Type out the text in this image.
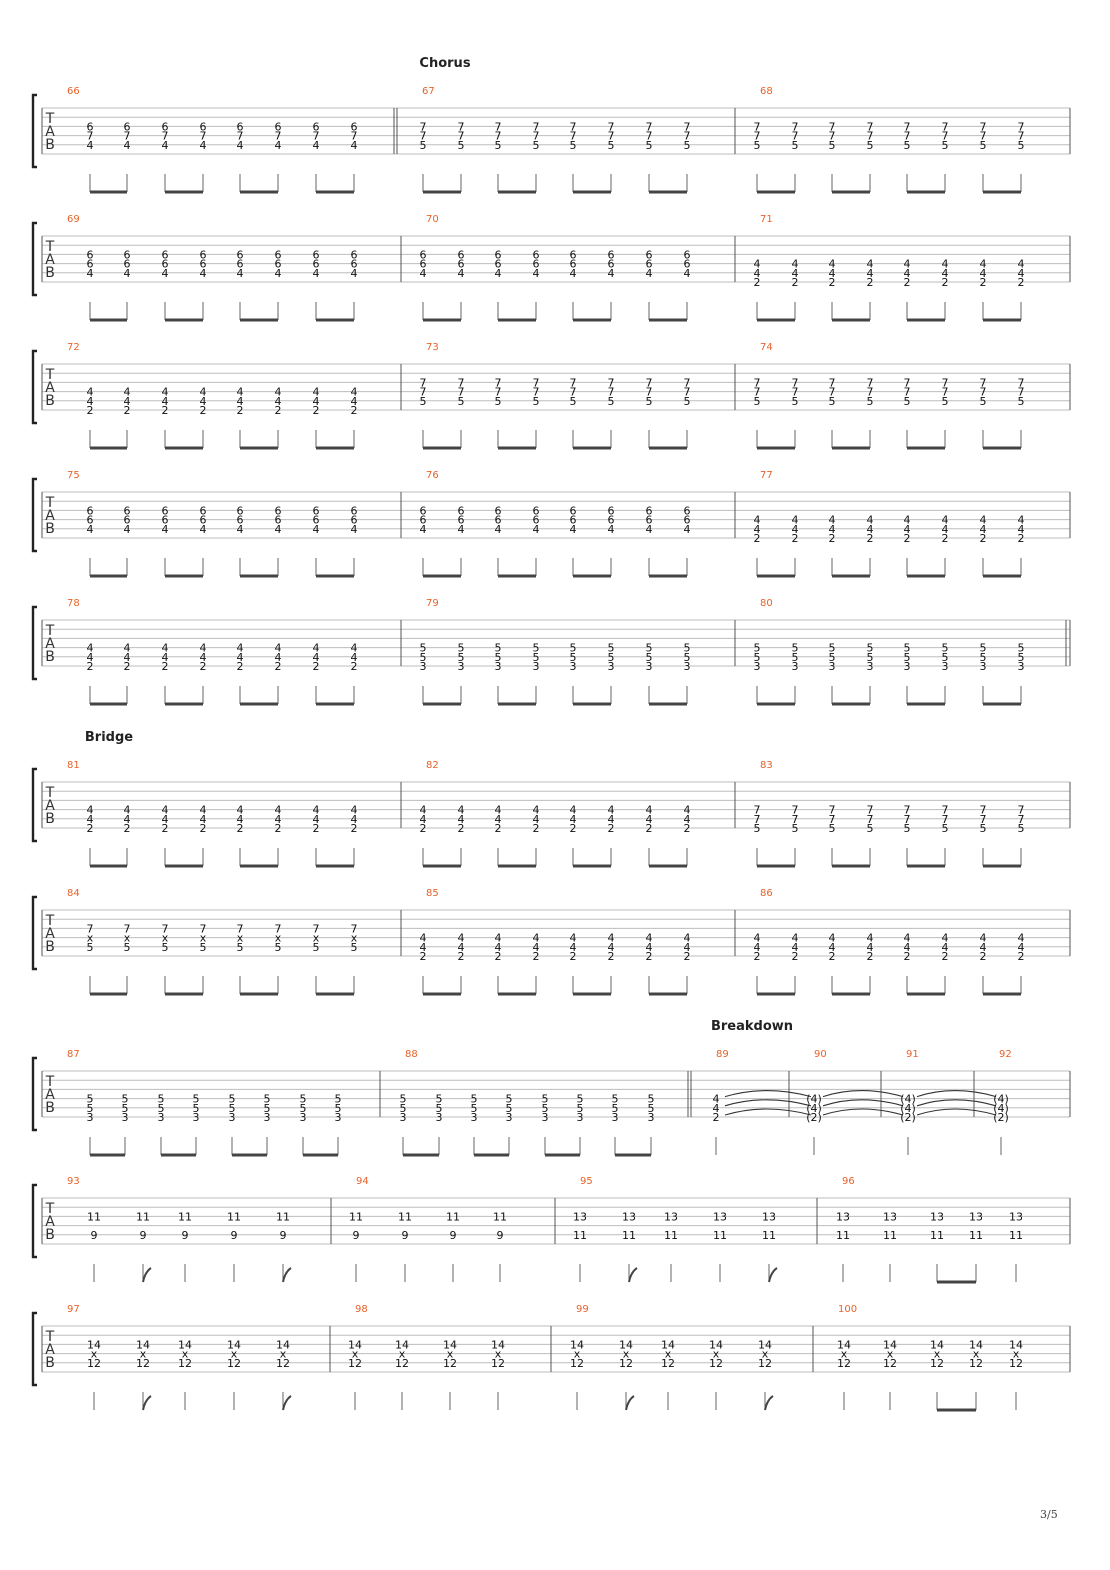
Chorus
T
A
B
66
6
7
4
6
7
4
6
7
4
6
7
4
6
7
4
6
7
4
6
7
4
6
7
4
67
7
7
5
7
7
5
7
7
5
7
7
5
7
7
5
7
7
5
7
7
5
7
7
5
68
7
7
5
7
7
5
7
7
5
7
7
5
7
7
5
7
7
5
7
7
5
7
7
5
T
A
B
69
6
6
4
6
6
4
6
6
4
6
6
4
6
6
4
6
6
4
6
6
4
6
6
4
70
6
6
4
6
6
4
6
6
4
6
6
4
6
6
4
6
6
4
6
6
4
6
6
4
71
4
4
2
4
4
2
4
4
2
4
4
2
4
4
2
4
4
2
4
4
2
4
4
2
T
A
B
72
4
4
2
4
4
2
4
4
2
4
4
2
4
4
2
4
4
2
4
4
2
4
4
2
73
7
7
5
7
7
5
7
7
5
7
7
5
7
7
5
7
7
5
7
7
5
7
7
5
74
7
7
5
7
7
5
7
7
5
7
7
5
7
7
5
7
7
5
7
7
5
7
7
5
T
A
B
75
6
6
4
6
6
4
6
6
4
6
6
4
6
6
4
6
6
4
6
6
4
6
6
4
76
6
6
4
6
6
4
6
6
4
6
6
4
6
6
4
6
6
4
6
6
4
6
6
4
77
4
4
2
4
4
2
4
4
2
4
4
2
4
4
2
4
4
2
4
4
2
4
4
2
T
A
B
78
4
4
2
4
4
2
4
4
2
4
4
2
4
4
2
4
4
2
4
4
2
4
4
2
79
5
5
3
5
5
3
5
5
3
5
5
3
5
5
3
5
5
3
5
5
3
5
5
3
80
5
5
3
5
5
3
5
5
3
5
5
3
5
5
3
5
5
3
5
5
3
5
5
3
Bridge
T
A
B
81
4
4
2
4
4
2
4
4
2
4
4
2
4
4
2
4
4
2
4
4
2
4
4
2
82
4
4
2
4
4
2
4
4
2
4
4
2
4
4
2
4
4
2
4
4
2
4
4
2
83
7
7
5
7
7
5
7
7
5
7
7
5
7
7
5
7
7
5
7
7
5
7
7
5
T
A
B
84
7
x
5
7
x
5
7
x
5
7
x
5
7
x
5
7
x
5
7
x
5
7
x
5
85
4
4
2
4
4
2
4
4
2
4
4
2
4
4
2
4
4
2
4
4
2
4
4
2
86
4
4
2
4
4
2
4
4
2
4
4
2
4
4
2
4
4
2
4
4
2
4
4
2
Breakdown
T
A
B
87
5
5
3
5
5
3
5
5
3
5
5
3
5
5
3
5
5
3
5
5
3
5
5
3
88
5
5
3
5
5
3
5
5
3
5
5
3
5
5
3
5
5
3
5
5
3
5
5
3
89
4
4
2
90
(4)
(4)
(2)
91
(4)
(4)
(2)
92
(4)
(4)
(2)
T
A
B
93
11
9
11
9
11
9
11
9
11
9
94
11
9
11
9
11
9
11
9
95
13
11
13
11
13
11
13
11
13
11
96
13
11
13
11
13
11
13
11
13
11
T
A
B
97
14
x
12
14
x
12
14
x
12
14
x
12
14
x
12
98
14
x
12
14
x
12
14
x
12
14
x
12
99
14
x
12
14
x
12
14
x
12
14
x
12
14
x
12
100
14
x
12
14
x
12
14
x
12
14
x
12
14
x
12
3/5
